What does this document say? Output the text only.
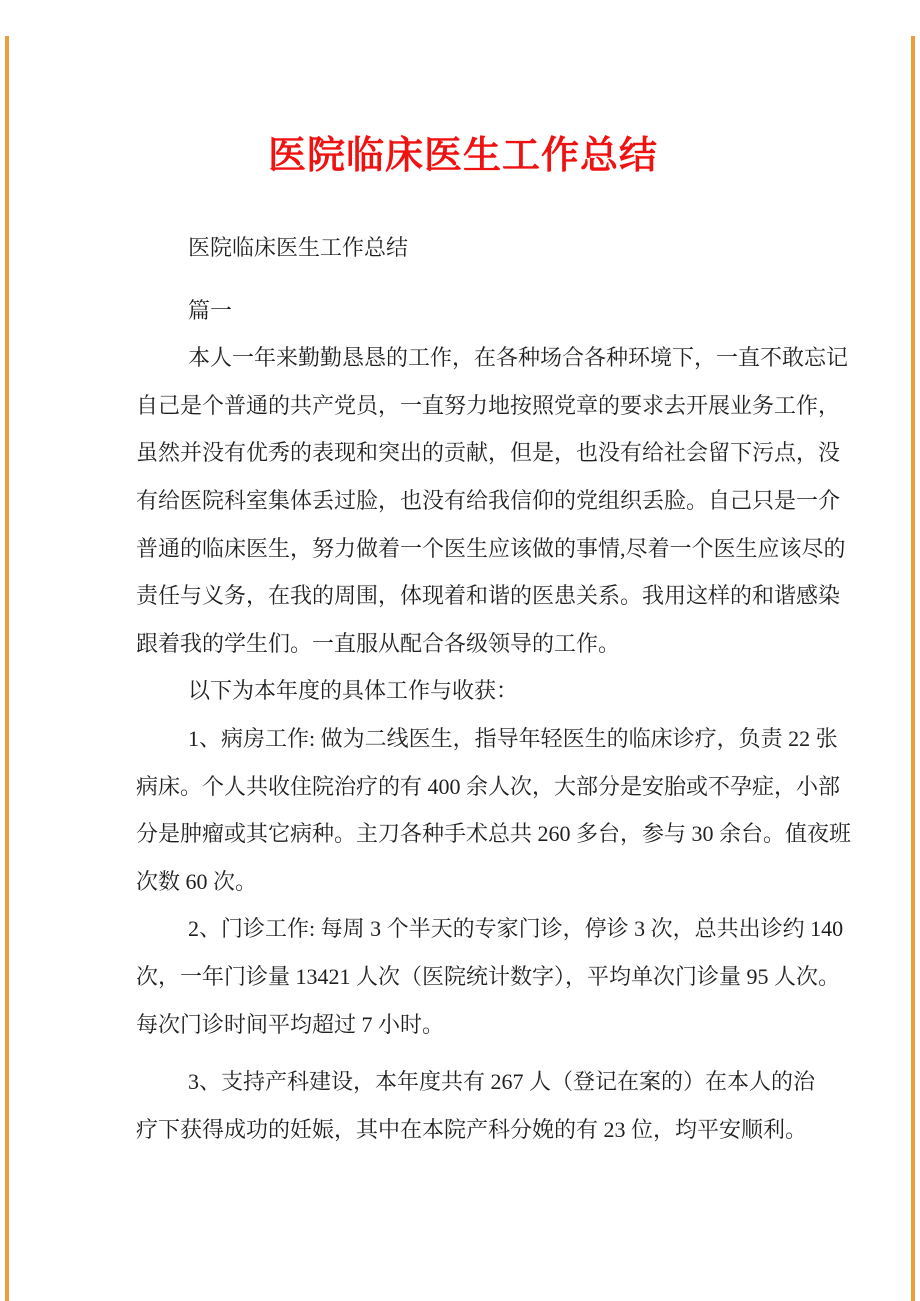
医院临床医生工作总结
医院临床医生工作总结
篇一
本人一年来勤勤恳恳的工作，在各种场合各种环境下，一直不敢忘记
自己是个普通的共产党员，一直努力地按照党章的要求去开展业务工作，
虽然并没有优秀的表现和突出的贡献，但是，也没有给社会留下污点，没
有给医院科室集体丢过脸，也没有给我信仰的党组织丢脸。自己只是一介
普通的临床医生，努力做着一个医生应该做的事情,尽着一个医生应该尽的
责任与义务，在我的周围，体现着和谐的医患关系。我用这样的和谐感染
跟着我的学生们。一直服从配合各级领导的工作。
以下为本年度的具体工作与收获：
1、病房工作: 做为二线医生，指导年轻医生的临床诊疗，负责 22 张
病床。个人共收住院治疗的有 400 余人次，大部分是安胎或不孕症，小部
分是肿瘤或其它病种。主刀各种手术总共 260 多台，参与 30 余台。值夜班
次数 60 次。
2、门诊工作: 每周 3 个半天的专家门诊，停诊 3 次，总共出诊约 140
次，一年门诊量 13421 人次（医院统计数字），平均单次门诊量 95 人次。
每次门诊时间平均超过 7 小时。
3、支持产科建设，本年度共有 267 人（登记在案的）在本人的治
疗下获得成功的妊娠，其中在本院产科分娩的有 23 位，均平安顺利。
